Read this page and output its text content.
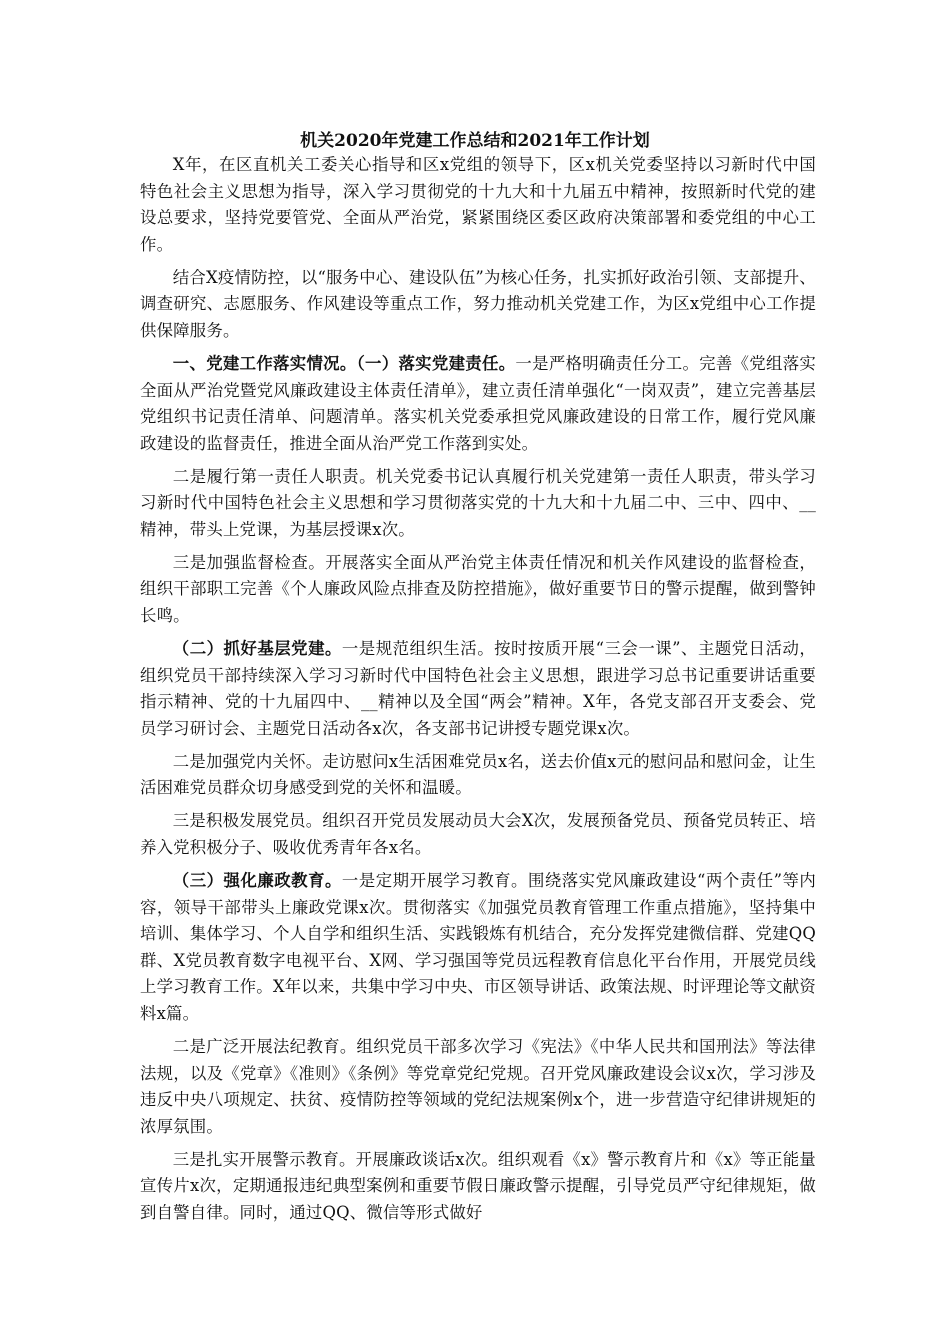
机关2020年党建工作总结和2021年工作计划

X年，在区直机关工委关心指导和区x党组的领导下，区x机关党委坚持以习新时代中国特色社会主义思想为指导，深入学习贯彻党的十九大和十九届五中精神，按照新时代党的建设总要求，坚持党要管党、全面从严治党，紧紧围绕区委区政府决策部署和委党组的中心工作。

结合X疫情防控，以“服务中心、建设队伍”为核心任务，扎实抓好政治引领、支部提升、调查研究、志愿服务、作风建设等重点工作，努力推动机关党建工作，为区x党组中心工作提供保障服务。

一、党建工作落实情况。（一）落实党建责任。一是严格明确责任分工。完善《党组落实全面从严治党暨党风廉政建设主体责任清单》，建立责任清单强化“一岗双责”，建立完善基层党组织书记责任清单、问题清单。落实机关党委承担党风廉政建设的日常工作，履行党风廉政建设的监督责任，推进全面从治严党工作落到实处。

二是履行第一责任人职责。机关党委书记认真履行机关党建第一责任人职责，带头学习习新时代中国特色社会主义思想和学习贯彻落实党的十九大和十九届二中、三中、四中、__精神，带头上党课，为基层授课x次。

三是加强监督检查。开展落实全面从严治党主体责任情况和机关作风建设的监督检查，组织干部职工完善《个人廉政风险点排查及防控措施》，做好重要节日的警示提醒，做到警钟长鸣。

（二）抓好基层党建。一是规范组织生活。按时按质开展“三会一课”、主题党日活动，组织党员干部持续深入学习习新时代中国特色社会主义思想，跟进学习总书记重要讲话重要指示精神、党的十九届四中、__精神以及全国“两会”精神。X年，各党支部召开支委会、党员学习研讨会、主题党日活动各x次，各支部书记讲授专题党课x次。

二是加强党内关怀。走访慰问x生活困难党员x名，送去价值x元的慰问品和慰问金，让生活困难党员群众切身感受到党的关怀和温暖。

三是积极发展党员。组织召开党员发展动员大会X次，发展预备党员、预备党员转正、培养入党积极分子、吸收优秀青年各x名。

（三）强化廉政教育。一是定期开展学习教育。围绕落实党风廉政建设“两个责任”等内容，领导干部带头上廉政党课x次。贯彻落实《加强党员教育管理工作重点措施》，坚持集中培训、集体学习、个人自学和组织生活、实践锻炼有机结合，充分发挥党建微信群、党建QQ群、X党员教育数字电视平台、X网、学习强国等党员远程教育信息化平台作用，开展党员线上学习教育工作。X年以来，共集中学习中央、市区领导讲话、政策法规、时评理论等文献资料x篇。

二是广泛开展法纪教育。组织党员干部多次学习《宪法》《中华人民共和国刑法》等法律法规，以及《党章》《准则》《条例》等党章党纪党规。召开党风廉政建设会议x次，学习涉及违反中央八项规定、扶贫、疫情防控等领域的党纪法规案例x个，进一步营造守纪律讲规矩的浓厚氛围。

三是扎实开展警示教育。开展廉政谈话x次。组织观看《x》警示教育片和《x》等正能量宣传片x次，定期通报违纪典型案例和重要节假日廉政警示提醒，引导党员严守纪律规矩，做到自警自律。同时，通过QQ、微信等形式做好
